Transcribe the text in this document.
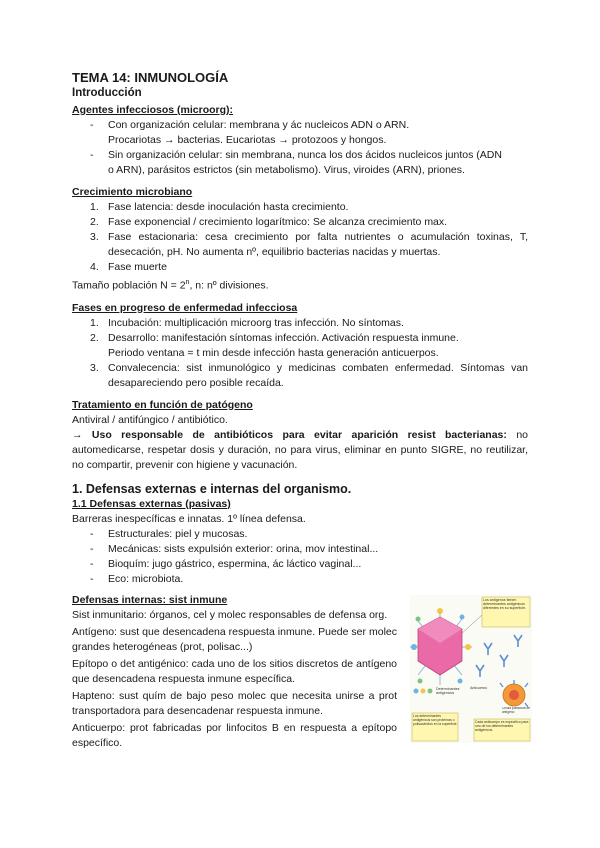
TEMA 14: INMUNOLOGÍA
Introducción
Agentes infecciosos (microorg):
- Con organización celular: membrana y ác nucleicos ADN o ARN.
Procariotas → bacterias. Eucariotas → protozoos y hongos.
- Sin organización celular: sin membrana, nunca los dos ácidos nucleicos juntos (ADN
o ARN), parásitos estrictos (sin metabolismo). Virus, viroides (ARN), priones.
Crecimiento microbiano
1. Fase latencia: desde inoculación hasta crecimiento.
2. Fase exponencial / crecimiento logarítmico: Se alcanza crecimiento max.
3. Fase estacionaria: cesa crecimiento por falta nutrientes o acumulación toxinas, T, desecación, pH. No aumenta nº, equilibrio bacterias nacidas y muertas.
4. Fase muerte

Tamaño población $N = 2^n$, n: nº divisiones.

Fases en progreso de enfermedad infecciosa
1. Incubación: multiplicación microorg tras infección. No síntomas.
2. Desarrollo: manifestación síntomas infección. Activación respuesta inmune.
Periodo ventana = t min desde infección hasta generación anticuerpos.
3. Convalecencia: sist inmunológico y medicinas combaten enfermedad. Síntomas van desapareciendo pero posible recaída.
Tratamiento en función de patógeno

Antiviral / antifúngico / antibiótico.

→ Uso responsable de antibióticos para evitar aparición resist bacterianas: no automedicarse, respetar dosis y duración, no para virus, eliminar en punto SIGRE, no reutilizar, no compartir, prevenir con higiene y vacunación.

1. Defensas externas e internas del organismo.
1.1 Defensas externas (pasivas)

Barreras inespecíficas e innatas. 1º línea defensa.

- Estructurales: piel y mucosas.
- Mecánicas: sists expulsión exterior: orina, mov intestinal...
- Bioquím: jugo gástrico, espermina, ác láctico vaginal...
- Eco: microbiota.
Defensas internas: sist inmune

Sist inmunitario: órganos, cel y molec responsables de defensa org.

Antígeno: sust que desencadena respuesta inmune. Puede ser molec grandes heterogéneas (prot, polisac...)

Epítopo o det antigénico: cada uno de los sitios discretos de antígeno que desencadena respuesta inmune específica.

Hapteno: sust quím de bajo peso molec que necesita unirse a prot transportadora para desencadenar respuesta inmune.

Anticuerpo: prot fabricadas por linfocitos B en respuesta a epítopo específico.

Los antígenos tienen determinantes antigénicos diferentes en su superficie.
Determinantes antigénicos
Anticuerpo
Célula portadora de antígeno
Los determinantes antigénicos son proteínas o polisacáridos en la superficie.	Cada anticuerpo es específico para uno de los determinantes antigénicos.
